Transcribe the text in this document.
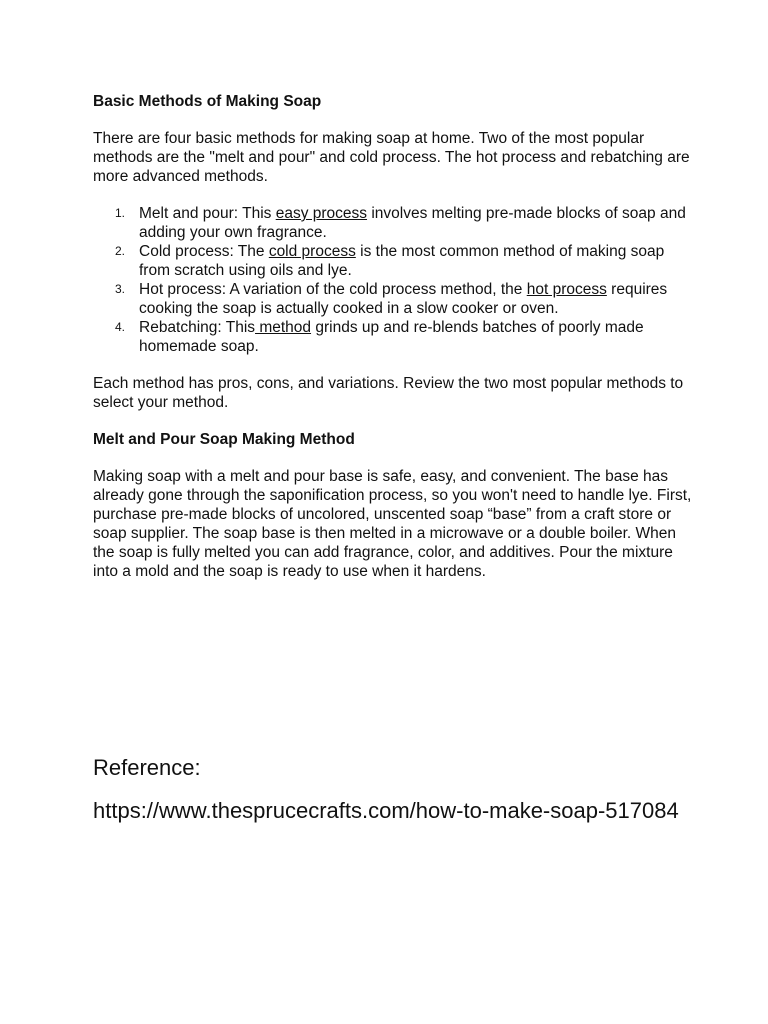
Basic Methods of Making Soap

There are four basic methods for making soap at home. Two of the most popular methods are the "melt and pour" and cold process. The hot process and rebatching are more advanced methods.

1. Melt and pour: This easy process involves melting pre-made blocks of soap and adding your own fragrance.
2. Cold process: The cold process is the most common method of making soap from scratch using oils and lye.
3. Hot process: A variation of the cold process method, the hot process requires cooking the soap is actually cooked in a slow cooker or oven.
4. Rebatching: This method grinds up and re-blends batches of poorly made homemade soap.

Each method has pros, cons, and variations. Review the two most popular methods to select your method.

Melt and Pour Soap Making Method

Making soap with a melt and pour base is safe, easy, and convenient. The base has already gone through the saponification process, so you won't need to handle lye. First, purchase pre-made blocks of uncolored, unscented soap “base” from a craft store or soap supplier. The soap base is then melted in a microwave or a double boiler. When the soap is fully melted you can add fragrance, color, and additives. Pour the mixture into a mold and the soap is ready to use when it hardens.

Reference:

https://www.thesprucecrafts.com/how-to-make-soap-517084
